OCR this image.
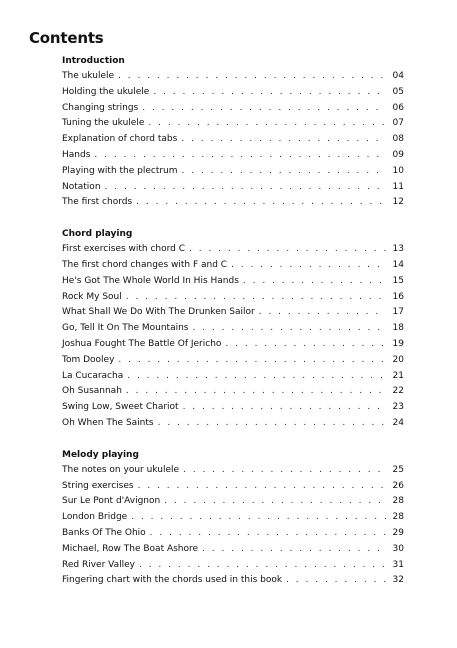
Contents
Introduction
The ukulele . . .	04
Holding the ukulele . . .	05
Changing strings . . .	06
Tuning the ukulele . . .	07
Explanation of chord tabs . . .	08
Hands . . .	09
Playing with the plectrum . . .	10
Notation . . .	11
The first chords . . .	12
Chord playing
First exercises with chord C . . .	13
The first chord changes with F and C . . .	14
He's Got The Whole World In His Hands . . .	15
Rock My Soul . . .	16
What Shall We Do With The Drunken Sailor . . .	17
Go, Tell It On The Mountains . . .	18
Joshua Fought The Battle Of Jericho . . .	19
Tom Dooley . . .	20
La Cucaracha . . .	21
Oh Susannah . . .	22
Swing Low, Sweet Chariot . . .	23
Oh When The Saints . . .	24
Melody playing
The notes on your ukulele . . .	25
String exercises . . .	26
Sur Le Pont d'Avignon . . .	28
London Bridge . . .	28
Banks Of The Ohio . . .	29
Michael, Row The Boat Ashore . . .	30
Red River Valley . . .	31
Fingering chart with the chords used in this book . . .	32
